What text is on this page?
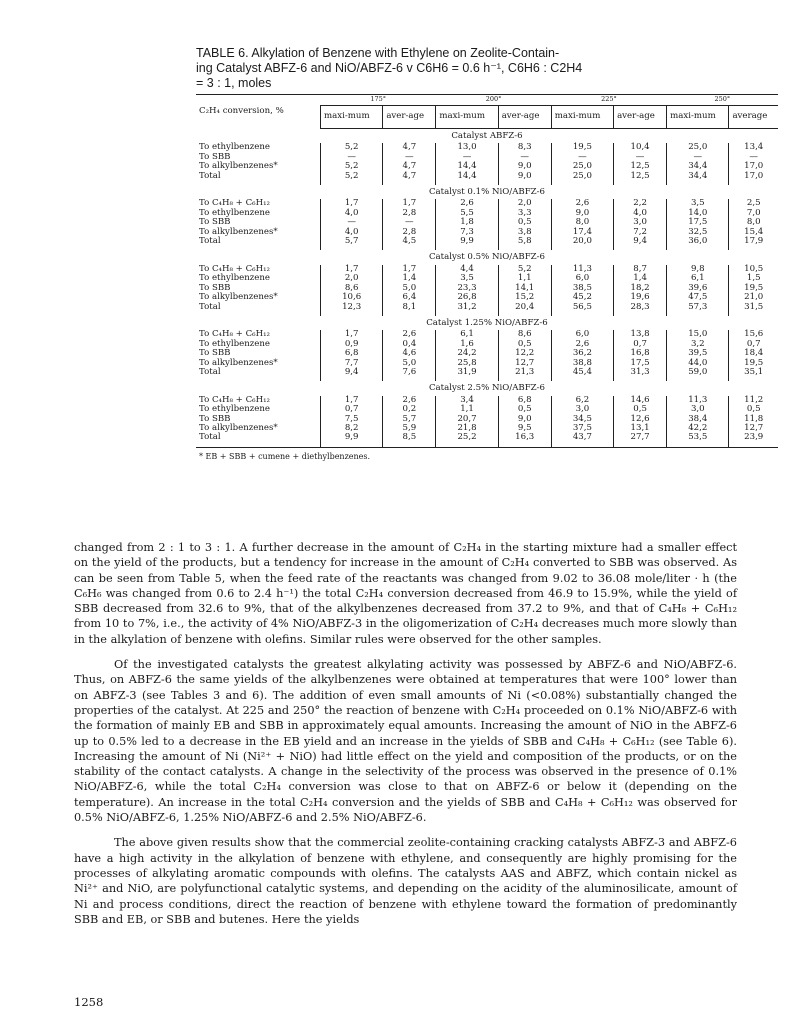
TABLE 6. Alkylation of Benzene with Ethylene on Zeolite-Contain-
ing Catalyst ABFZ-6 and NiO/ABFZ-6 v C6H6 = 0.6 h⁻¹, C6H6 : C2H4
= 3 : 1, moles
C₂H₄ conversion, %	175°		200°		225°		250°	
	maxi-mum	aver-age	maxi-mum	aver-age	maxi-mum	aver-age	maxi-mum	average
Catalyst ABFZ-6								
To ethylbenzene	5,2	4,7	13,0	8,3	19,5	10,4	25,0	13,4
To SBB	—	—	—	—	—	—	—	—
To alkylbenzenes*	5,2	4,7	14,4	9,0	25,0	12,5	34,4	17,0
Total	5,2	4,7	14,4	9,0	25,0	12,5	34,4	17,0
Catalyst 0.1% NiO/ABFZ-6								
To C₄H₈ + C₆H₁₂	1,7	1,7	2,6	2,0	2,6	2,2	3,5	2,5
To ethylbenzene	4,0	2,8	5,5	3,3	9,0	4,0	14,0	7,0
To SBB	—	—	1,8	0,5	8,0	3,0	17,5	8,0
To alkylbenzenes*	4,0	2,8	7,3	3,8	17,4	7,2	32,5	15,4
Total	5,7	4,5	9,9	5,8	20,0	9,4	36,0	17,9
Catalyst 0.5% NiO/ABFZ-6								
To C₄H₈ + C₆H₁₂	1,7	1,7	4,4	5,2	11,3	8,7	9,8	10,5
To ethylbenzene	2,0	1,4	3,5	1,1	6,0	1,4	6,1	1,5
To SBB	8,6	5,0	23,3	14,1	38,5	18,2	39,6	19,5
To alkylbenzenes*	10,6	6,4	26,8	15,2	45,2	19,6	47,5	21,0
Total	12,3	8,1	31,2	20,4	56,5	28,3	57,3	31,5
Catalyst 1.25% NiO/ABFZ-6								
To C₄H₈ + C₆H₁₂	1,7	2,6	6,1	8,6	6,0	13,8	15,0	15,6
To ethylbenzene	0,9	0,4	1,6	0,5	2,6	0,7	3,2	0,7
To SBB	6,8	4,6	24,2	12,2	36,2	16,8	39,5	18,4
To alkylbenzenes*	7,7	5,0	25,8	12,7	38,8	17,5	44,0	19,5
Total	9,4	7,6	31,9	21,3	45,4	31,3	59,0	35,1
Catalyst 2.5% NiO/ABFZ-6								
To C₄H₈ + C₆H₁₂	1,7	2,6	3,4	6,8	6,2	14,6	11,3	11,2
To ethylbenzene	0,7	0,2	1,1	0,5	3,0	0,5	3,0	0,5
To SBB	7,5	5,7	20,7	9,0	34,5	12,6	38,4	11,8
To alkylbenzenes*	8,2	5,9	21,8	9,5	37,5	13,1	42,2	12,7
Total	9,9	8,5	25,2	16,3	43,7	27,7	53,5	23,9
* EB + SBB + cumene + diethylbenzenes.								

changed from 2 : 1 to 3 : 1. A further decrease in the amount of C₂H₄ in the starting mixture had a smaller effect on the yield of the products, but a tendency for increase in the amount of C₂H₄ converted to SBB was observed. As can be seen from Table 5, when the feed rate of the reactants was changed from 9.02 to 36.08 mole/liter · h (the C₆H₆ was changed from 0.6 to 2.4 h⁻¹) the total C₂H₄ conversion decreased from 46.9 to 15.9%, while the yield of SBB decreased from 32.6 to 9%, that of the alkylbenzenes decreased from 37.2 to 9%, and that of C₄H₈ + C₆H₁₂ from 10 to 7%, i.e., the activity of 4% NiO/ABFZ-3 in the oligomerization of C₂H₄ decreases much more slowly than in the alkylation of benzene with olefins. Similar rules were observed for the other samples.

Of the investigated catalysts the greatest alkylating activity was possessed by ABFZ-6 and NiO/ABFZ-6. Thus, on ABFZ-6 the same yields of the alkylbenzenes were obtained at temperatures that were 100° lower than on ABFZ-3 (see Tables 3 and 6). The addition of even small amounts of Ni (<0.08%) substantially changed the properties of the catalyst. At 225 and 250° the reaction of benzene with C₂H₄ proceeded on 0.1% NiO/ABFZ-6 with the formation of mainly EB and SBB in approximately equal amounts. Increasing the amount of NiO in the ABFZ-6 up to 0.5% led to a decrease in the EB yield and an increase in the yields of SBB and C₄H₈ + C₆H₁₂ (see Table 6). Increasing the amount of Ni (Ni²⁺ + NiO) had little effect on the yield and composition of the products, or on the stability of the contact catalysts. A change in the selectivity of the process was observed in the presence of 0.1% NiO/ABFZ-6, while the total C₂H₄ conversion was close to that on ABFZ-6 or below it (depending on the temperature). An increase in the total C₂H₄ conversion and the yields of SBB and C₄H₈ + C₆H₁₂ was observed for 0.5% NiO/ABFZ-6, 1.25% NiO/ABFZ-6 and 2.5% NiO/ABFZ-6.

The above given results show that the commercial zeolite-containing cracking catalysts ABFZ-3 and ABFZ-6 have a high activity in the alkylation of benzene with ethylene, and consequently are highly promising for the processes of alkylating aromatic compounds with olefins. The catalysts AAS and ABFZ, which contain nickel as Ni²⁺ and NiO, are polyfunctional catalytic systems, and depending on the acidity of the aluminosilicate, amount of Ni and process conditions, direct the reaction of benzene with ethylene toward the formation of predominantly SBB and EB, or SBB and butenes. Here the yields

1258
